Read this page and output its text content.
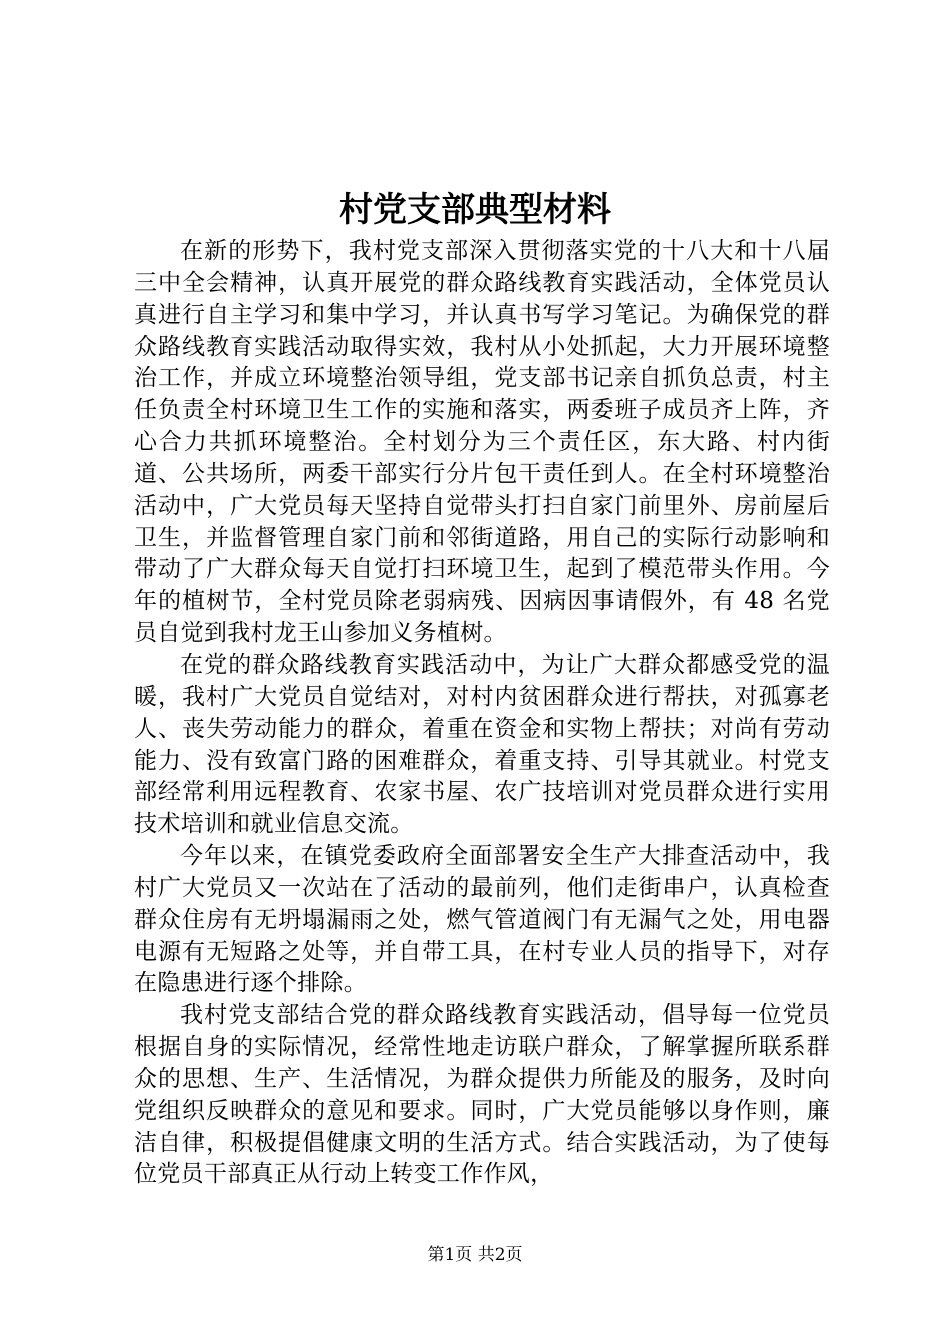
村党支部典型材料

在新的形势下，我村党支部深入贯彻落实党的十八大和十八届三中全会精神，认真开展党的群众路线教育实践活动，全体党员认真进行自主学习和集中学习，并认真书写学习笔记。为确保党的群众路线教育实践活动取得实效，我村从小处抓起，大力开展环境整治工作，并成立环境整治领导组，党支部书记亲自抓负总责，村主任负责全村环境卫生工作的实施和落实，两委班子成员齐上阵，齐心合力共抓环境整治。全村划分为三个责任区，东大路、村内街道、公共场所，两委干部实行分片包干责任到人。在全村环境整治活动中，广大党员每天坚持自觉带头打扫自家门前里外、房前屋后卫生，并监督管理自家门前和邻街道路，用自己的实际行动影响和带动了广大群众每天自觉打扫环境卫生，起到了模范带头作用。今年的植树节，全村党员除老弱病残、因病因事请假外，有 48 名党员自觉到我村龙王山参加义务植树。

在党的群众路线教育实践活动中，为让广大群众都感受党的温暖，我村广大党员自觉结对，对村内贫困群众进行帮扶，对孤寡老人、丧失劳动能力的群众，着重在资金和实物上帮扶；对尚有劳动能力、没有致富门路的困难群众，着重支持、引导其就业。村党支部经常利用远程教育、农家书屋、农广技培训对党员群众进行实用技术培训和就业信息交流。

今年以来，在镇党委政府全面部署安全生产大排查活动中，我村广大党员又一次站在了活动的最前列，他们走街串户，认真检查群众住房有无坍塌漏雨之处，燃气管道阀门有无漏气之处，用电器电源有无短路之处等，并自带工具，在村专业人员的指导下，对存在隐患进行逐个排除。

我村党支部结合党的群众路线教育实践活动，倡导每一位党员根据自身的实际情况，经常性地走访联户群众，了解掌握所联系群众的思想、生产、生活情况，为群众提供力所能及的服务，及时向党组织反映群众的意见和要求。同时，广大党员能够以身作则，廉洁自律，积极提倡健康文明的生活方式。结合实践活动，为了使每位党员干部真正从行动上转变工作作风，

第1页 共2页
